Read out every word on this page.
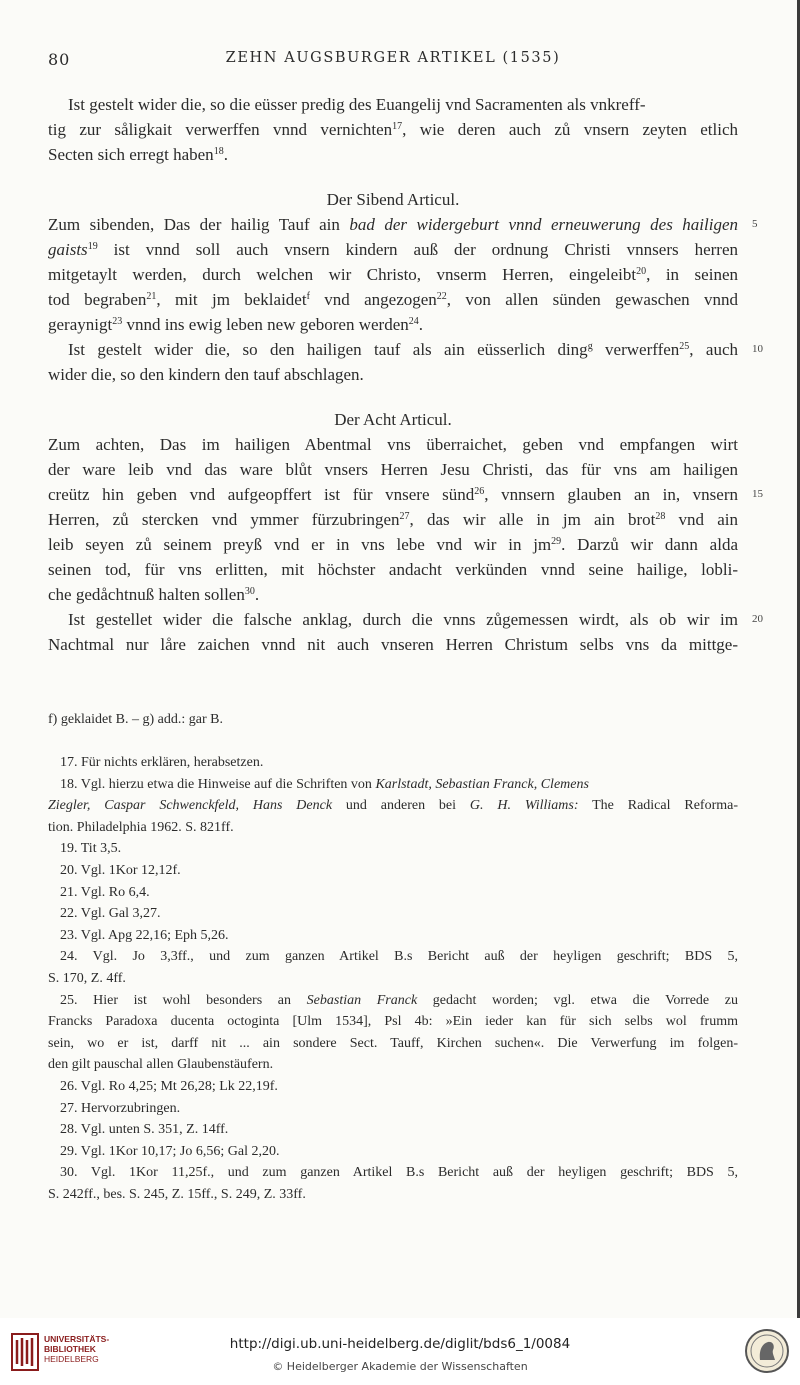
80	ZEHN AUGSBURGER ARTIKEL (1535)
Ist gestelt wider die, so die eüsser predig des Euangelij vnd Sacramenten als vnkreff-
tig zur såligkait verwerffen vnnd vernichten$^{17}$, wie deren auch zů vnsern zeyten etlich
Secten sich erregt haben$^{18}$.
Der Sibend Articul.
Zum sibenden, Das der hailig Tauf ain bad der widergeburt vnnd erneuwerung des hailigen 5
gaists$^{19}$ ist vnnd soll auch vnsern kindern auß der ordnung Christi vnnsers herren
mitgetaylt werden, durch welchen wir Christo, vnserm Herren, eingeleibt$^{20}$, in seinen
tod begraben$^{21}$, mit jm beklaidet$^f$ vnd angezogen$^{22}$, von allen sünden gewaschen vnnd
geraynigt$^{23}$ vnnd ins ewig leben new geboren werden$^{24}$.
Ist gestelt wider die, so den hailigen tauf als ain eüsserlich ding$^g$ verwerffen$^{25}$, auch 10
wider die, so den kindern den tauf abschlagen.
Der Acht Articul.
Zum achten, Das im hailigen Abentmal vns überraichet, geben vnd empfangen wirt
der ware leib vnd das ware blůt vnsers Herren Jesu Christi, das für vns am hailigen
creütz hin geben vnd aufgeopffert ist für vnsere sünd$^{26}$, vnnsern glauben an in, vnsern 15
Herren, zů stercken vnd ymmer fürzubringen$^{27}$, das wir alle in jm ain brot$^{28}$ vnd ain
leib seyen zů seinem preyß vnd er in vns lebe vnd wir in $jm^{29}$. Darzů wir dann alda
seinen tod, für vns erlitten, mit höchster andacht verkünden vnnd seine hailige, lobli-
che gedåchtnuß halten sollen$^{30}$.
Ist gestellet wider die falsche anklag, durch die vnns zůgemessen wirdt, als ob wir im 20
Nachtmal nur låre zaichen vnnd nit auch vnseren Herren Christum selbs vns da mittge-
f) geklaidet B. – g) add.: gar B.
17. Für nichts erklären, herabsetzen.
18. Vgl. hierzu etwa die Hinweise auf die Schriften von Karlstadt, Sebastian Franck, Clemens
Ziegler, Caspar Schwenckfeld, Hans Denck und anderen bei G. H. Williams: The Radical Reforma-
tion. Philadelphia 1962. S. 821ff.
19. Tit 3,5.
20. Vgl. 1Kor 12,12f.
21. Vgl. Ro 6,4.
22. Vgl. Gal 3,27.
23. Vgl. Apg 22,16; Eph 5,26.
24. Vgl. Jo 3,3ff., und zum ganzen Artikel B.s Bericht auß der heyligen geschrift; BDS 5,
S. 170, Z. 4ff.
25. Hier ist wohl besonders an Sebastian Franck gedacht worden; vgl. etwa die Vorrede zu
Francks Paradoxa ducenta octoginta [Ulm 1534], Psl 4b: »Ein ieder kan für sich selbs wol frumm
sein, wo er ist, darff nit ... ain sondere Sect. Tauff, Kirchen suchen«. Die Verwerfung im folgen-
den gilt pauschal allen Glaubenstäufern.
26. Vgl. Ro 4,25; Mt 26,28; Lk 22,19f.
27. Hervorzubringen.
28. Vgl. unten S. 351, Z. 14ff.
29. Vgl. 1Kor 10,17; Jo 6,56; Gal 2,20.
30. Vgl. 1Kor 11,25f., und zum ganzen Artikel B.s Bericht auß der heyligen geschrift; BDS 5,
S. 242ff., bes. S. 245, Z. 15ff., S. 249, Z. 33ff.
UNIVERSITÄTS-
BIBLIOTHEK
HEIDELBERG
http://digi.ub.uni-heidelberg.de/diglit/bds6_1/0084
© Heidelberger Akademie der Wissenschaften
